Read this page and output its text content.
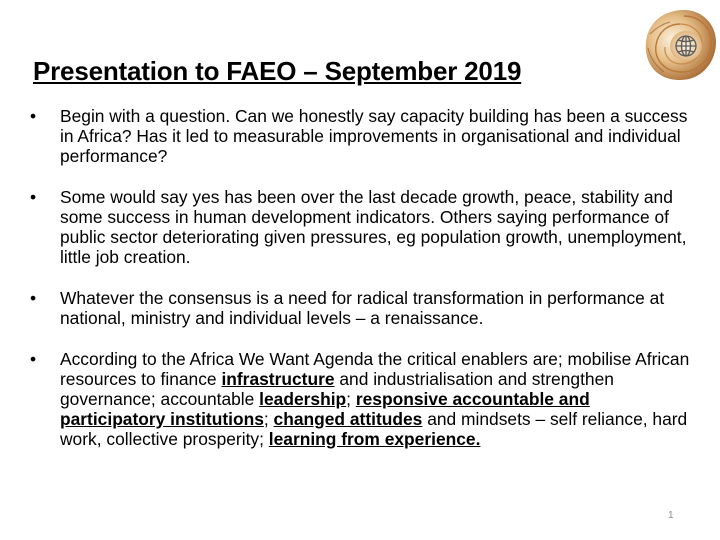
Presentation to FAEO – September 2019
• Begin with a question. Can we honestly say capacity building has been a success in Africa? Has it led to measurable improvements in organisational and individual performance?
• Some would say yes has been over the last decade growth, peace, stability and some success in human development indicators. Others saying performance of public sector deteriorating given pressures, eg population growth, unemployment, little job creation.
• Whatever the consensus is a need for radical transformation in performance at national, ministry and individual levels – a renaissance.
• According to the Africa We Want Agenda the critical enablers are; mobilise African resources to finance infrastructure and industrialisation and strengthen governance; accountable leadership; responsive accountable and participatory institutions; changed attitudes and mindsets – self reliance, hard work, collective prosperity; learning from experience.
1
